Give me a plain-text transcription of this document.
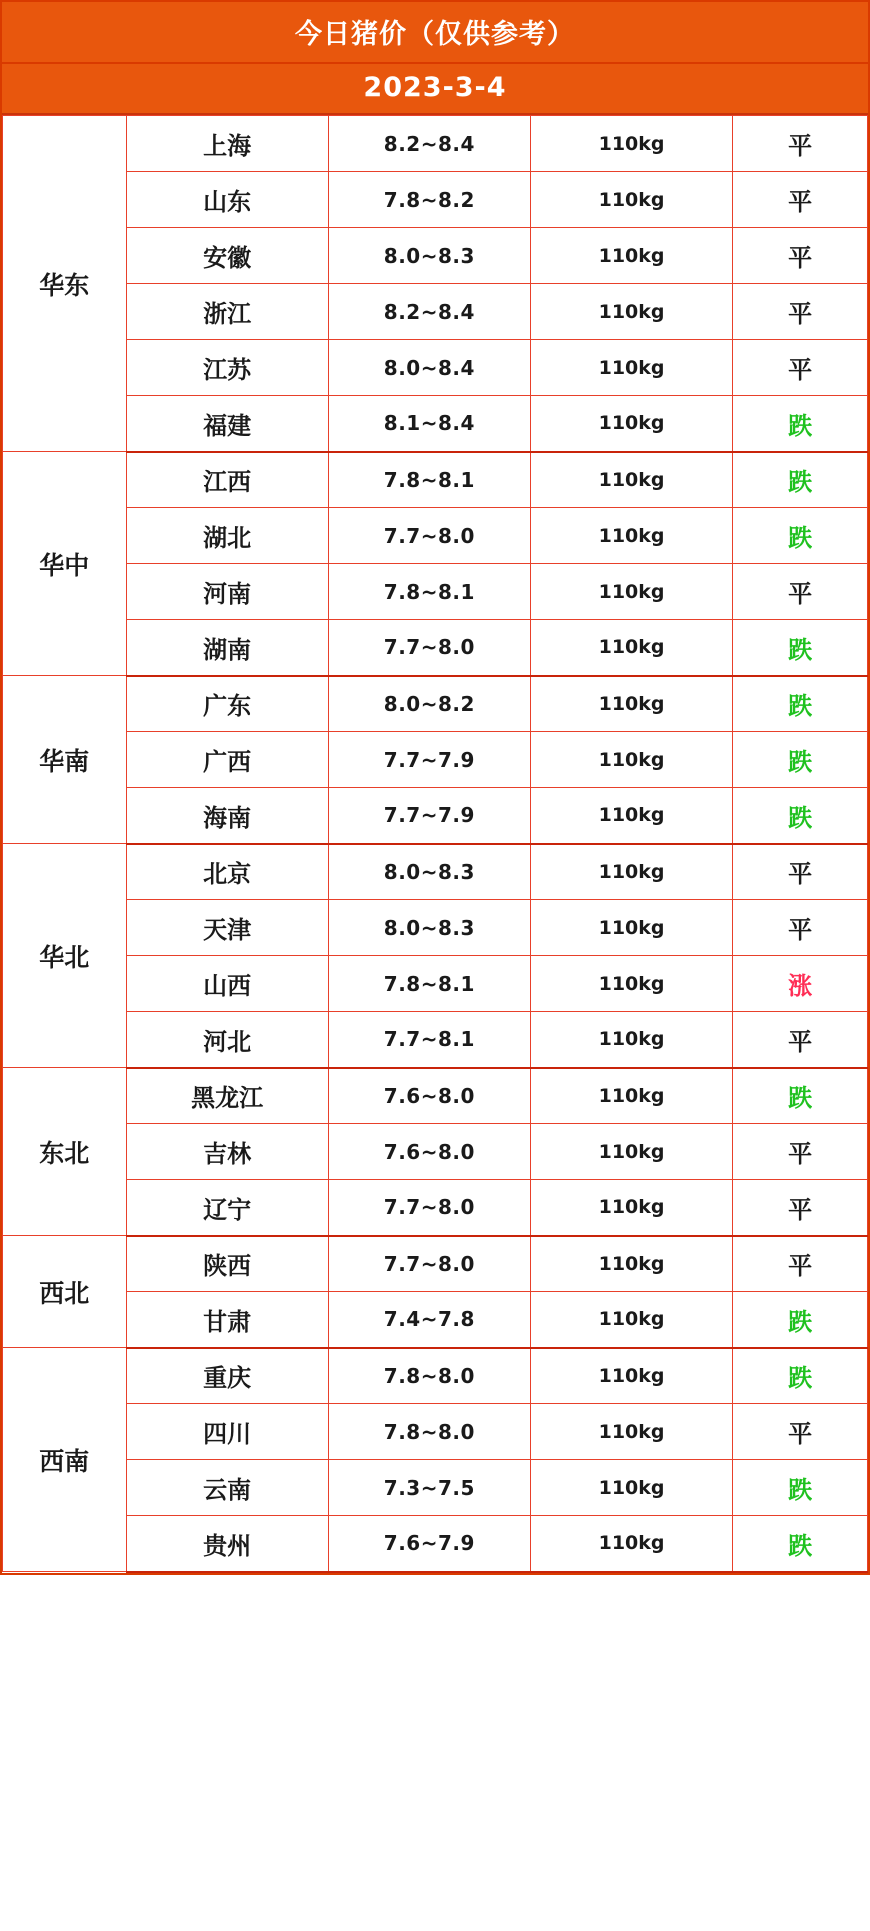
今日猪价（仅供参考）
2023-3-4
华东	上海	8.2~8.4	110kg	平
	山东	7.8~8.2	110kg	平
	安徽	8.0~8.3	110kg	平
	浙江	8.2~8.4	110kg	平
	江苏	8.0~8.4	110kg	平
	福建	8.1~8.4	110kg	跌
华中	江西	7.8~8.1	110kg	跌
	湖北	7.7~8.0	110kg	跌
	河南	7.8~8.1	110kg	平
	湖南	7.7~8.0	110kg	跌
华南	广东	8.0~8.2	110kg	跌
	广西	7.7~7.9	110kg	跌
	海南	7.7~7.9	110kg	跌
华北	北京	8.0~8.3	110kg	平
	天津	8.0~8.3	110kg	平
	山西	7.8~8.1	110kg	涨
	河北	7.7~8.1	110kg	平
东北	黑龙江	7.6~8.0	110kg	跌
	吉林	7.6~8.0	110kg	平
	辽宁	7.7~8.0	110kg	平
西北	陕西	7.7~8.0	110kg	平
	甘肃	7.4~7.8	110kg	跌
西南	重庆	7.8~8.0	110kg	跌
	四川	7.8~8.0	110kg	平
	云南	7.3~7.5	110kg	跌
	贵州	7.6~7.9	110kg	跌
